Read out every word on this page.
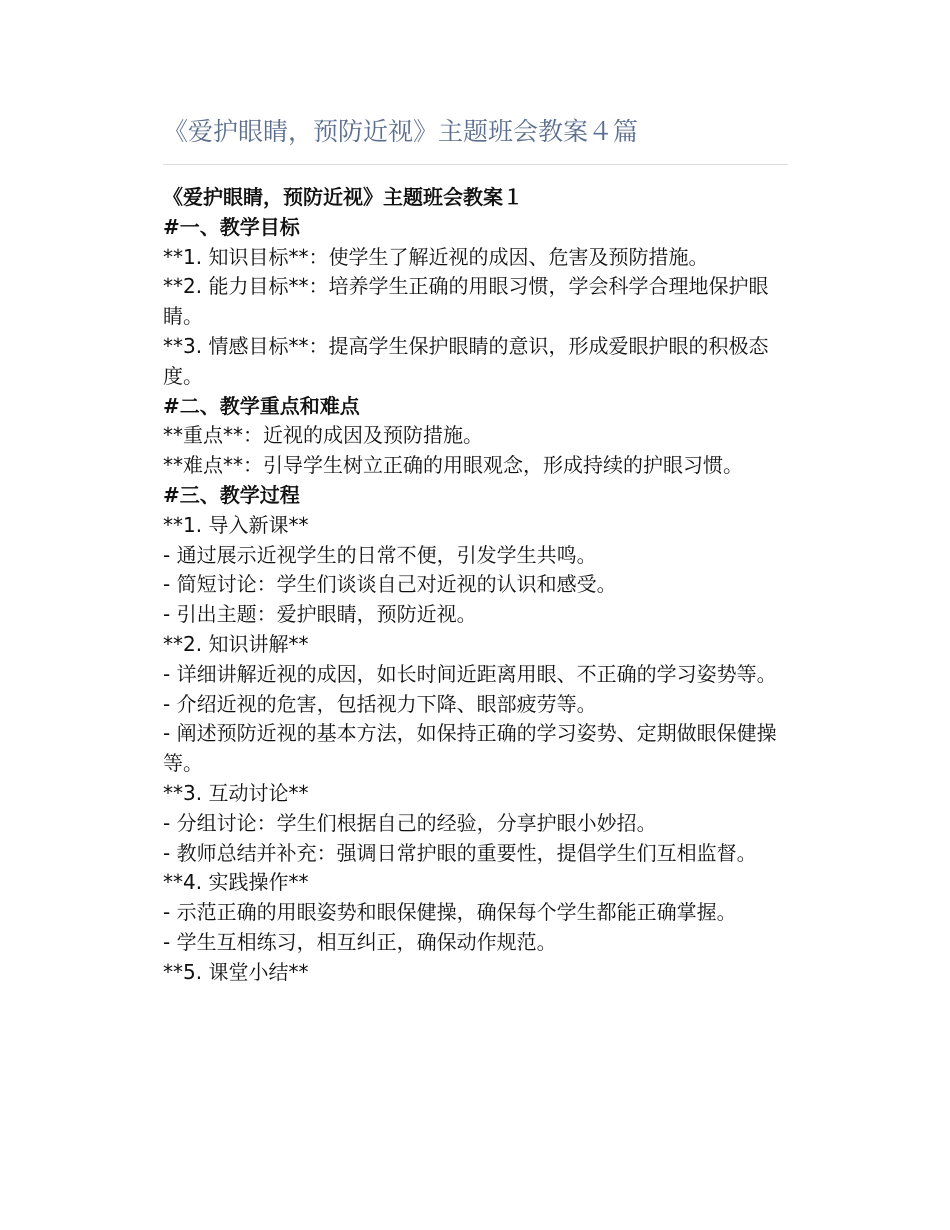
《爱护眼睛，预防近视》主题班会教案４篇

《爱护眼睛，预防近视》主题班会教案１

#一、教学目标

**1. 知识目标**：使学生了解近视的成因、危害及预防措施。

**2. 能力目标**：培养学生正确的用眼习惯，学会科学合理地保护眼睛。

**3. 情感目标**：提高学生保护眼睛的意识，形成爱眼护眼的积极态度。

#二、教学重点和难点

**重点**：近视的成因及预防措施。

**难点**：引导学生树立正确的用眼观念，形成持续的护眼习惯。

#三、教学过程

**1. 导入新课**

- 通过展示近视学生的日常不便，引发学生共鸣。

- 简短讨论：学生们谈谈自己对近视的认识和感受。

- 引出主题：爱护眼睛，预防近视。

**2. 知识讲解**

- 详细讲解近视的成因，如长时间近距离用眼、不正确的学习姿势等。

- 介绍近视的危害，包括视力下降、眼部疲劳等。

- 阐述预防近视的基本方法，如保持正确的学习姿势、定期做眼保健操等。

**3. 互动讨论**

- 分组讨论：学生们根据自己的经验，分享护眼小妙招。

- 教师总结并补充：强调日常护眼的重要性，提倡学生们互相监督。

**4. 实践操作**

- 示范正确的用眼姿势和眼保健操，确保每个学生都能正确掌握。

- 学生互相练习，相互纠正，确保动作规范。

**5. 课堂小结**
